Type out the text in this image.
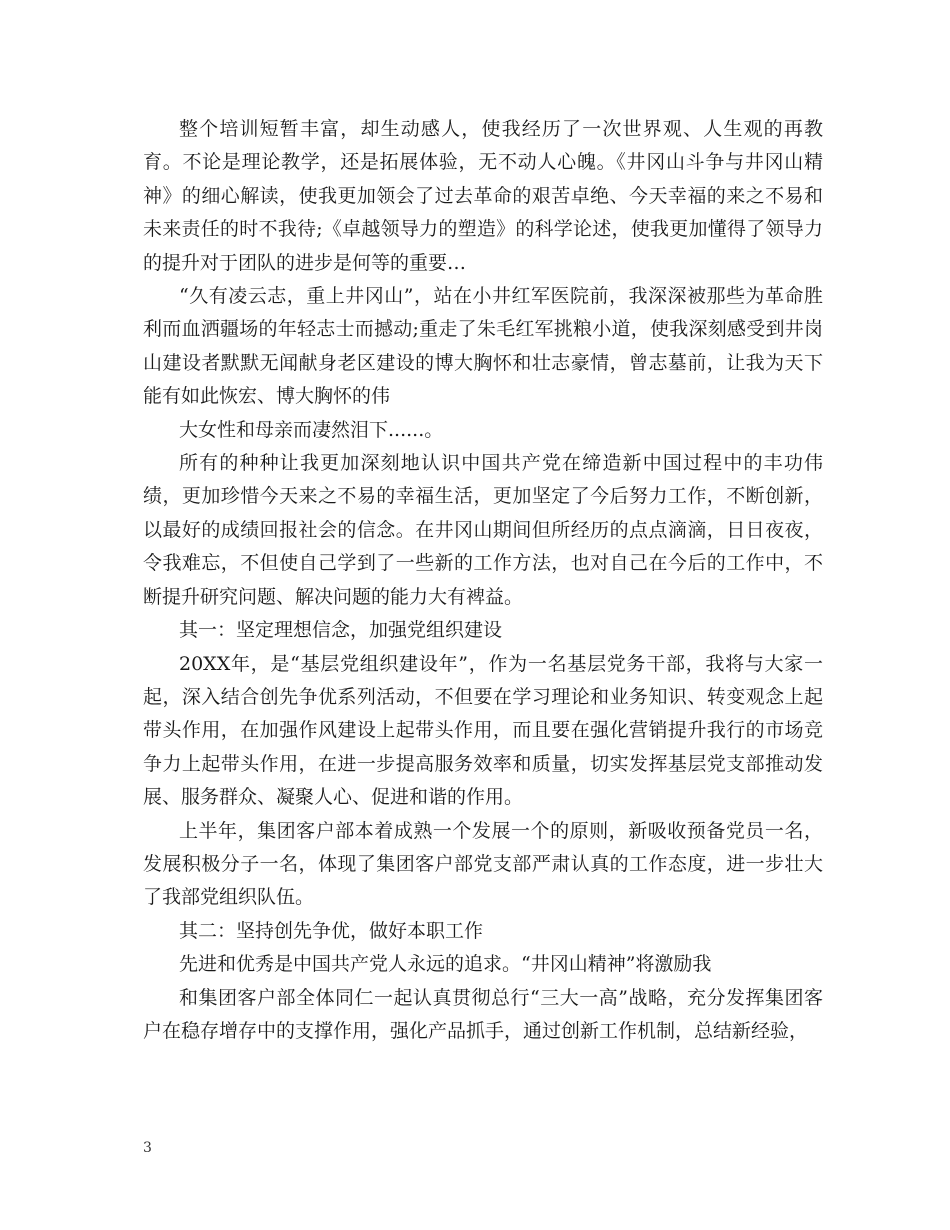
整个培训短暂丰富，却生动感人，使我经历了一次世界观、人生观的再教育。不论是理论教学，还是拓展体验，无不动人心魄。《井冈山斗争与井冈山精神》的细心解读，使我更加领会了过去革命的艰苦卓绝、今天幸福的来之不易和未来责任的时不我待;《卓越领导力的塑造》的科学论述，使我更加懂得了领导力的提升对于团队的进步是何等的重要…

“久有凌云志，重上井冈山”，站在小井红军医院前，我深深被那些为革命胜利而血洒疆场的年轻志士而撼动;重走了朱毛红军挑粮小道，使我深刻感受到井岗山建设者默默无闻献身老区建设的博大胸怀和壮志豪情，曾志墓前，让我为天下能有如此恢宏、博大胸怀的伟

大女性和母亲而凄然泪下......。

所有的种种让我更加深刻地认识中国共产党在缔造新中国过程中的丰功伟绩，更加珍惜今天来之不易的幸福生活，更加坚定了今后努力工作，不断创新，以最好的成绩回报社会的信念。在井冈山期间但所经历的点点滴滴，日日夜夜，令我难忘，不但使自己学到了一些新的工作方法，也对自己在今后的工作中，不断提升研究问题、解决问题的能力大有裨益。

其一：坚定理想信念，加强党组织建设

20XX年，是“基层党组织建设年”，作为一名基层党务干部，我将与大家一起，深入结合创先争优系列活动，不但要在学习理论和业务知识、转变观念上起带头作用，在加强作风建设上起带头作用，而且要在强化营销提升我行的市场竞争力上起带头作用，在进一步提高服务效率和质量，切实发挥基层党支部推动发展、服务群众、凝聚人心、促进和谐的作用。

上半年，集团客户部本着成熟一个发展一个的原则，新吸收预备党员一名，发展积极分子一名，体现了集团客户部党支部严肃认真的工作态度，进一步壮大了我部党组织队伍。

其二：坚持创先争优，做好本职工作

先进和优秀是中国共产党人永远的追求。“井冈山精神”将激励我

和集团客户部全体同仁一起认真贯彻总行“三大一高”战略，充分发挥集团客户在稳存增存中的支撑作用，强化产品抓手，通过创新工作机制，总结新经验，

3
